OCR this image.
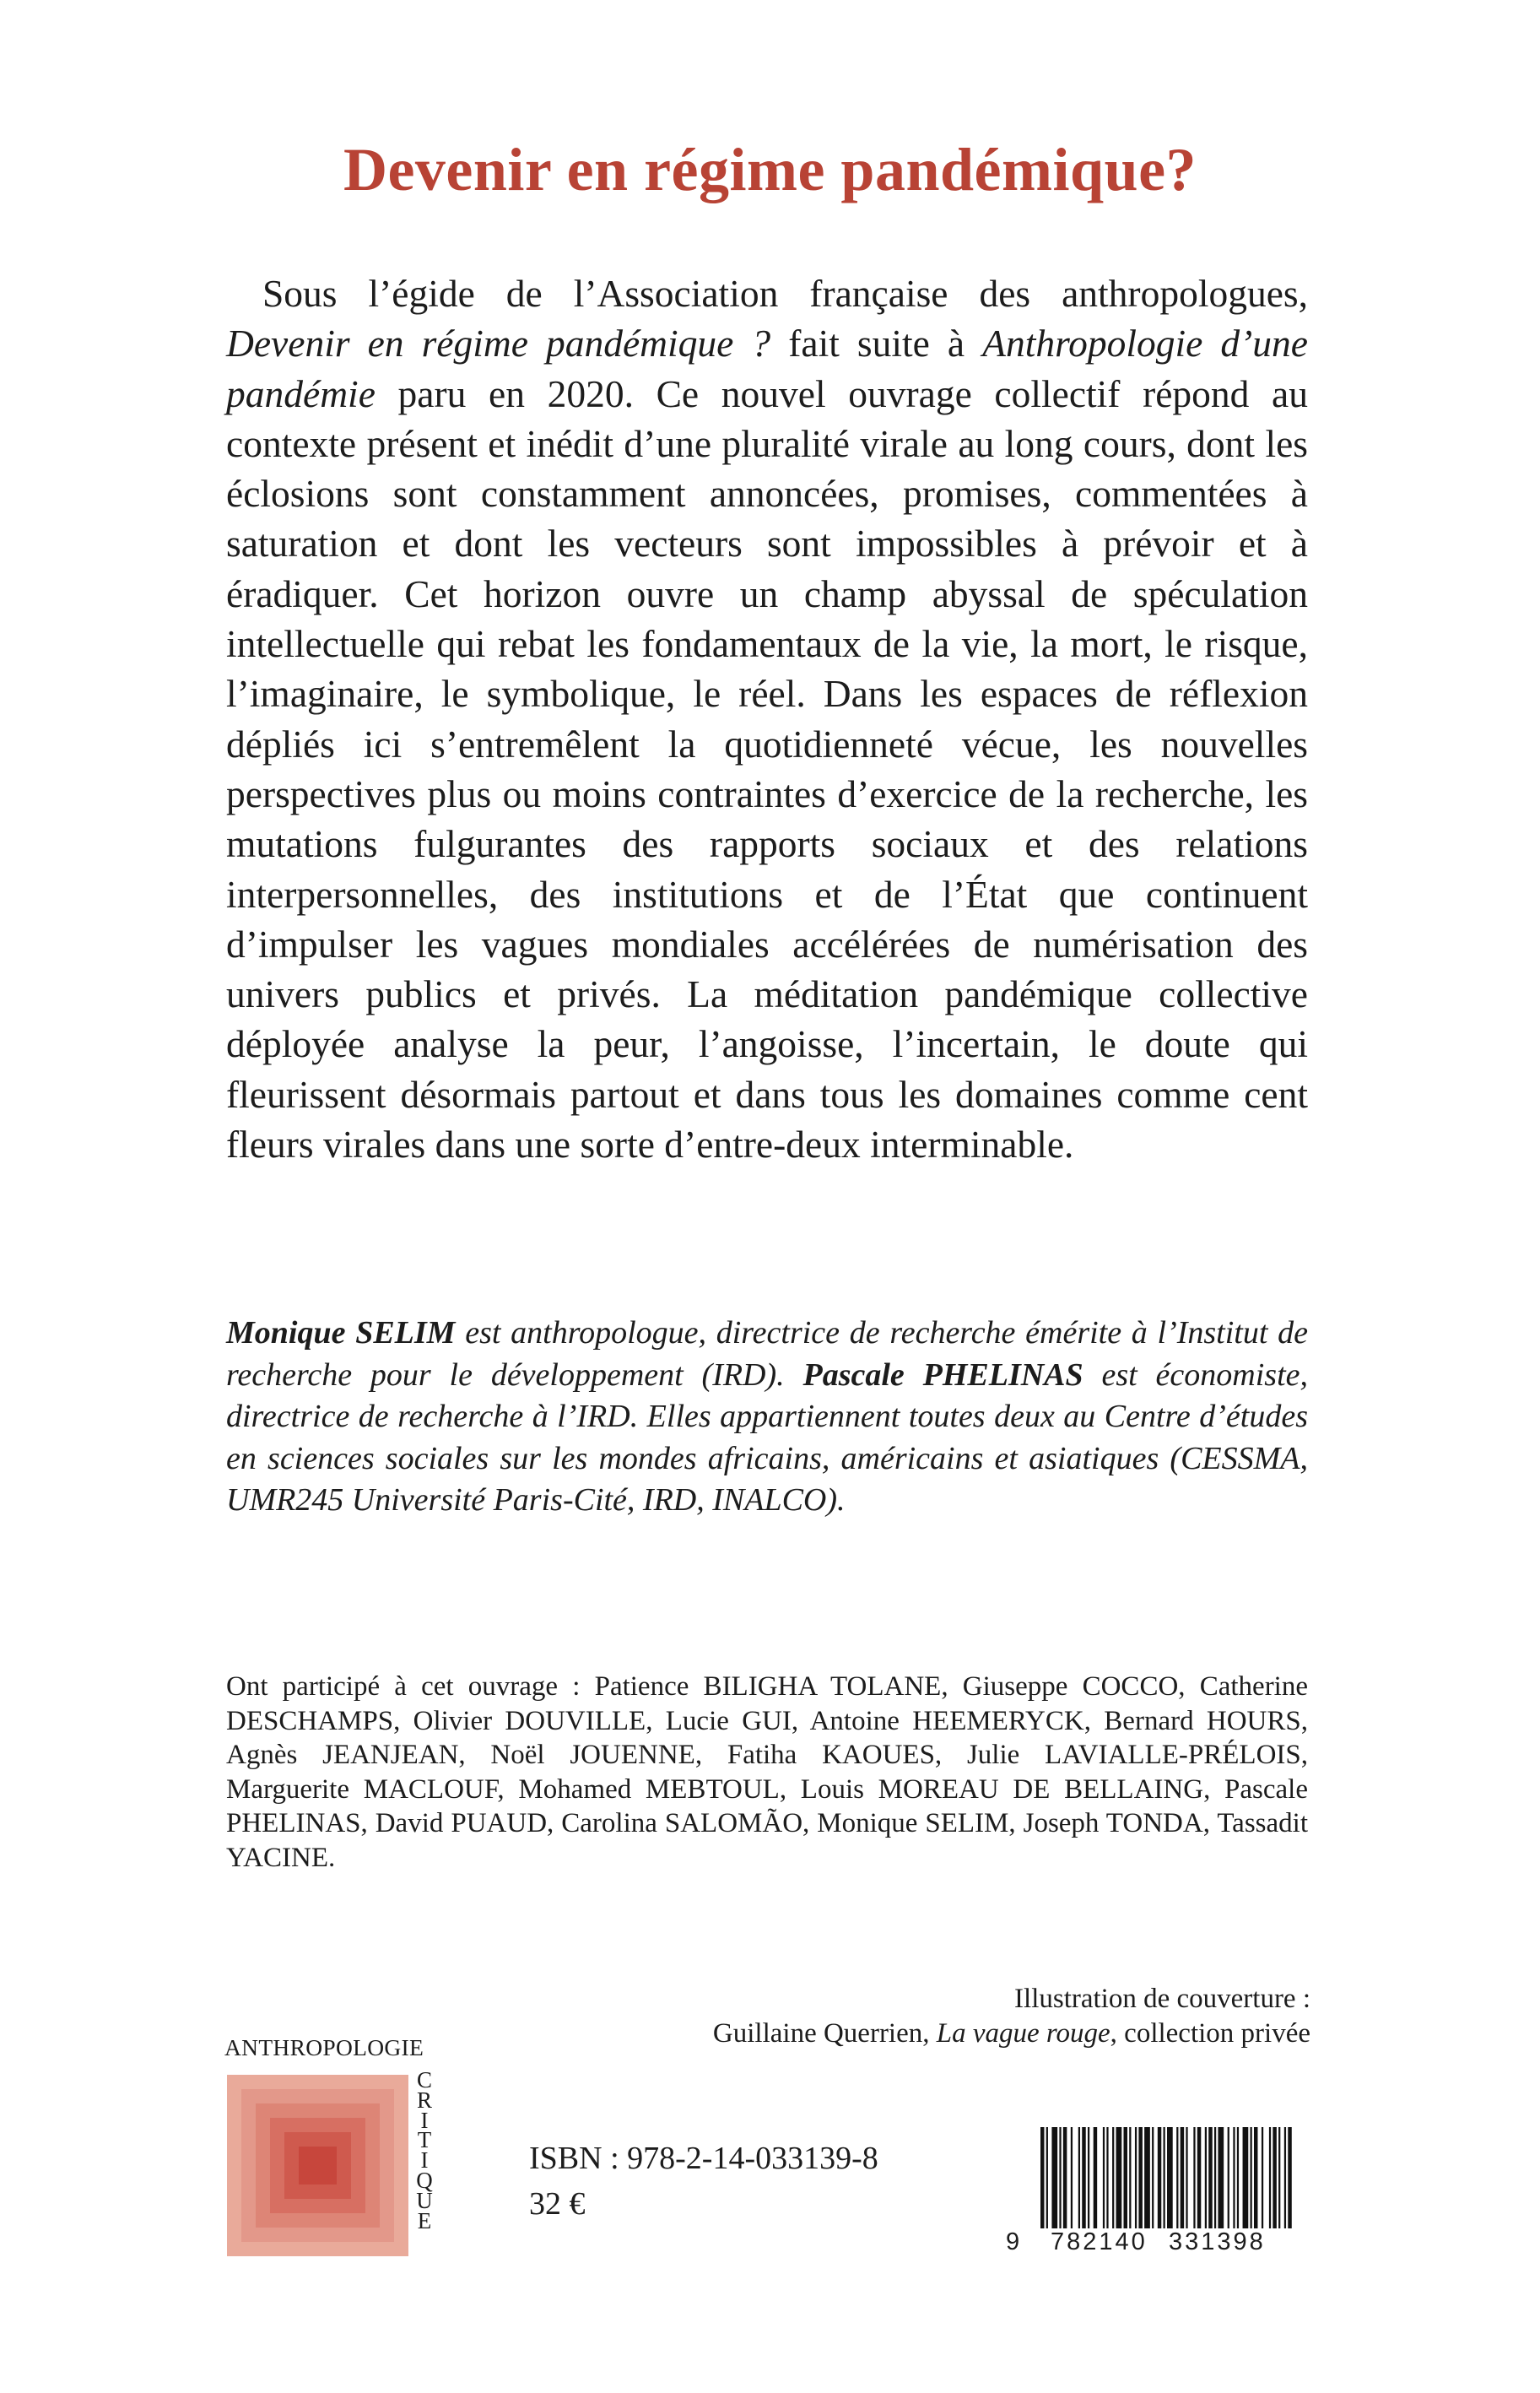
Devenir en régime pandémique?

Sous l’égide de l’Association française des anthropologues, Devenir en régime pandémique ? fait suite à Anthropologie d’une pandémie paru en 2020. Ce nouvel ouvrage collectif répond au contexte présent et inédit d’une pluralité virale au long cours, dont les éclosions sont constamment annoncées, promises, commentées à saturation et dont les vecteurs sont impossibles à prévoir et à éradiquer. Cet horizon ouvre un champ abyssal de spéculation intellectuelle qui rebat les fondamentaux de la vie, la mort, le risque, l’imaginaire, le symbolique, le réel. Dans les espaces de réflexion dépliés ici s’entremêlent la quotidienneté vécue, les nouvelles perspectives plus ou moins contraintes d’exercice de la recherche, les mutations fulgurantes des rapports sociaux et des relations interpersonnelles, des institutions et de l’État que continuent d’impulser les vagues mondiales accélérées de numérisation des univers publics et privés. La méditation pandémique collective déployée analyse la peur, l’angoisse, l’incertain, le doute qui fleurissent désormais partout et dans tous les domaines comme cent fleurs virales dans une sorte d’entre-deux interminable.

Monique SELIM est anthropologue, directrice de recherche émérite à l’Institut de recherche pour le développement (IRD). Pascale PHELINAS est économiste, directrice de recherche à l’IRD. Elles appartiennent toutes deux au Centre d’études en sciences sociales sur les mondes africains, américains et asiatiques (CESSMA, UMR245 Université Paris-Cité, IRD, INALCO).

Ont participé à cet ouvrage : Patience BILIGHA TOLANE, Giuseppe COCCO, Catherine DESCHAMPS, Olivier DOUVILLE, Lucie GUI, Antoine HEEMERYCK, Bernard HOURS, Agnès JEANJEAN, Noël JOUENNE, Fatiha KAOUES, Julie LAVIALLE-PRÉLOIS, Marguerite MACLOUF, Mohamed MEBTOUL, Louis MOREAU DE BELLAING, Pascale PHELINAS, David PUAUD, Carolina SALOMÃO, Monique SELIM, Joseph TONDA, Tassadit YACINE.

Illustration de couverture :
Guillaine Querrien, La vague rouge, collection privée
ANTHROPOLOGIE
C
R
I
T
I
Q
U
E
ISBN : 978-2-14-033139-8
32 €
9 782140 331398
